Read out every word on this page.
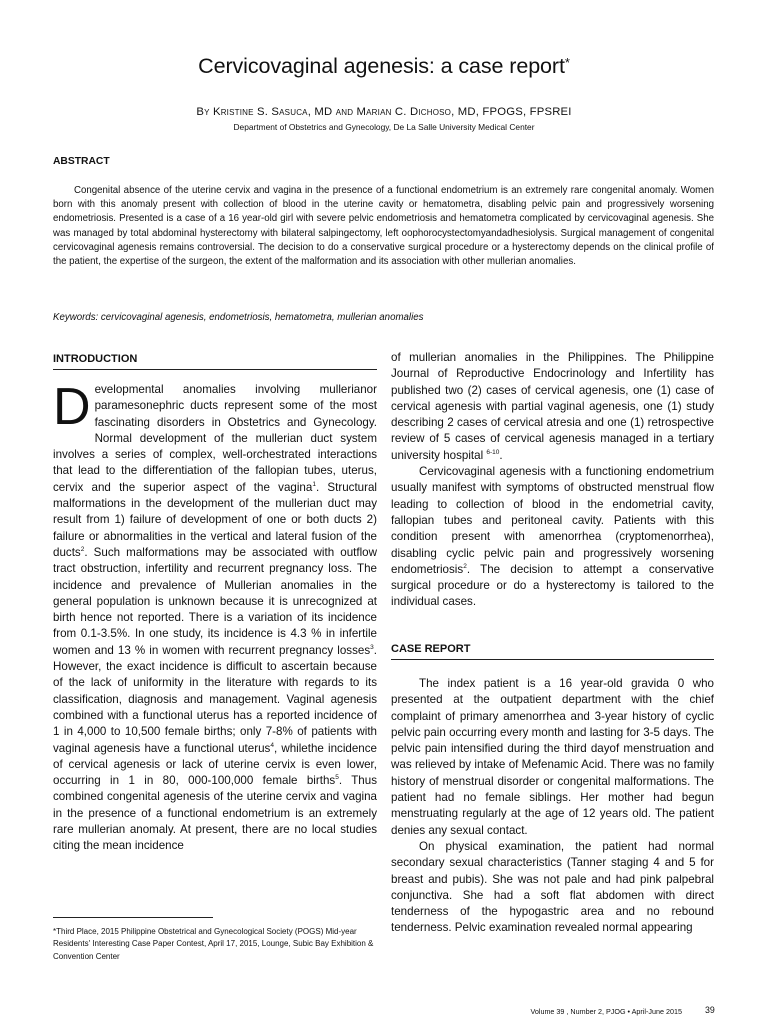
Cervicovaginal agenesis: a case report*
By Kristine S. Sasuca, MD and Marian C. Dichoso, MD, FPOGS, FPSREI
Department of Obstetrics and Gynecology, De La Salle University Medical Center
ABSTRACT
Congenital absence of the uterine cervix and vagina in the presence of a functional endometrium is an extremely rare congenital anomaly. Women born with this anomaly present with collection of blood in the uterine cavity or hematometra, disabling pelvic pain and progressively worsening endometriosis. Presented is a case of a 16 year-old girl with severe pelvic endometriosis and hematometra complicated by cervicovaginal agenesis. She was managed by total abdominal hysterectomy with bilateral salpingectomy, left oophorocystectomyandadhesiolysis. Surgical management of congenital cervicovaginal agenesis remains controversial. The decision to do a conservative surgical procedure or a hysterectomy depends on the clinical profile of the patient, the expertise of the surgeon, the extent of the malformation and its association with other mullerian anomalies.
Keywords: cervicovaginal agenesis, endometriosis, hematometra, mullerian anomalies
INTRODUCTION

Developmental anomalies involving mullerianor paramesonephric ducts represent some of the most fascinating disorders in Obstetrics and Gynecology. Normal development of the mullerian duct system involves a series of complex, well-orchestrated interactions that lead to the differentiation of the fallopian tubes, uterus, cervix and the superior aspect of the vagina$^1$. Structural malformations in the development of the mullerian duct may result from 1) failure of development of one or both ducts 2) failure or abnormalities in the vertical and lateral fusion of the ducts$^2$. Such malformations may be associated with outflow tract obstruction, infertility and recurrent pregnancy loss. The incidence and prevalence of Mullerian anomalies in the general population is unknown because it is unrecognized at birth hence not reported. There is a variation of its incidence from 0.1-3.5%. In one study, its incidence is 4.3 % in infertile women and 13 % in women with recurrent pregnancy losses$^3$. However, the exact incidence is difficult to ascertain because of the lack of uniformity in the literature with regards to its classification, diagnosis and management. Vaginal agenesis combined with a functional uterus has a reported incidence of 1 in 4,000 to 10,500 female births; only 7-8% of patients with vaginal agenesis have a functional uterus$^4$, whilethe incidence of cervical agenesis or lack of uterine cervix is even lower, occurring in 1 in 80, 000-100,000 female births$^5$. Thus combined congenital agenesis of the uterine cervix and vagina in the presence of a functional endometrium is an extremely rare mullerian anomaly. At present, there are no local studies citing the mean incidence

of mullerian anomalies in the Philippines. The Philippine Journal of Reproductive Endocrinology and Infertility has published two (2) cases of cervical agenesis, one (1) case of cervical agenesis with partial vaginal agenesis, one (1) study describing 2 cases of cervical atresia and one (1) retrospective review of 5 cases of cervical agenesis managed in a tertiary university hospital $^{6-10}$.

Cervicovaginal agenesis with a functioning endometrium usually manifest with symptoms of obstructed menstrual flow leading to collection of blood in the endometrial cavity, fallopian tubes and peritoneal cavity. Patients with this condition present with amenorrhea (cryptomenorrhea), disabling cyclic pelvic pain and progressively worsening endometriosis$^2$. The decision to attempt a conservative surgical procedure or do a hysterectomy is tailored to the individual cases.

CASE REPORT

The index patient is a 16 year-old gravida 0 who presented at the outpatient department with the chief complaint of primary amenorrhea and 3-year history of cyclic pelvic pain occurring every month and lasting for 3-5 days. The pelvic pain intensified during the third dayof menstruation and was relieved by intake of Mefenamic Acid. There was no family history of menstrual disorder or congenital malformations. The patient had no female siblings. Her mother had begun menstruating regularly at the age of 12 years old. The patient denies any sexual contact.

On physical examination, the patient had normal secondary sexual characteristics (Tanner staging 4 and 5 for breast and pubis). She was not pale and had pink palpebral conjunctiva. She had a soft flat abdomen with direct tenderness of the hypogastric area and no rebound tenderness. Pelvic examination revealed normal appearing

*Third Place, 2015 Philippine Obstetrical and Gynecological Society (POGS) Mid-year Residents' Interesting Case Paper Contest, April 17, 2015, Lounge, Subic Bay Exhibition & Convention Center
Volume 39 , Number 2, PJOG • April-June 2015	39
